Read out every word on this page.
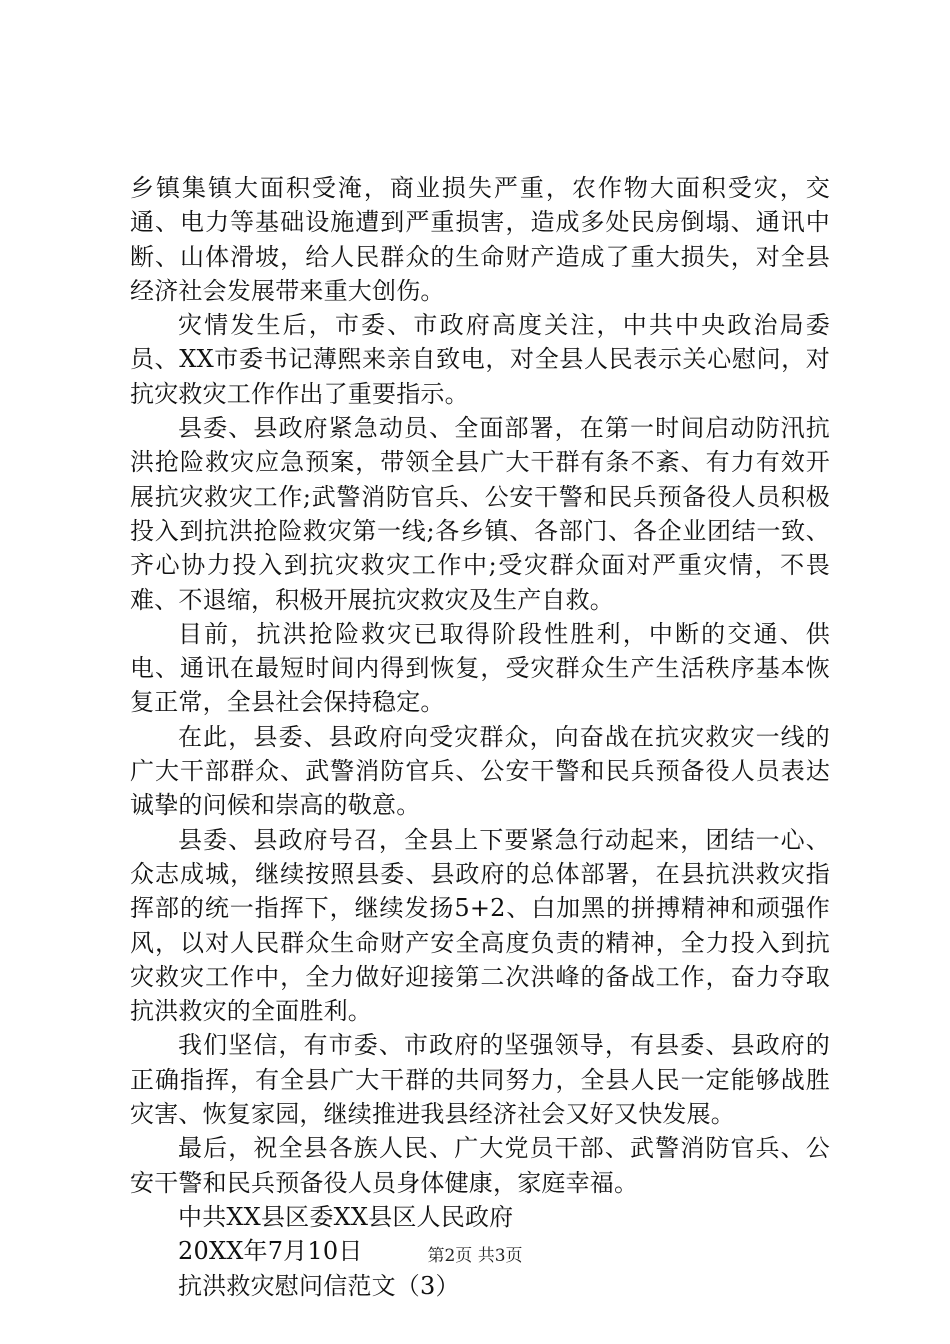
乡镇集镇大面积受淹，商业损失严重，农作物大面积受灾，交通、电力等基础设施遭到严重损害，造成多处民房倒塌、通讯中断、山体滑坡，给人民群众的生命财产造成了重大损失，对全县经济社会发展带来重大创伤。

灾情发生后，市委、市政府高度关注，中共中央政治局委员、XX市委书记薄熙来亲自致电，对全县人民表示关心慰问，对抗灾救灾工作作出了重要指示。

县委、县政府紧急动员、全面部署，在第一时间启动防汛抗洪抢险救灾应急预案，带领全县广大干群有条不紊、有力有效开展抗灾救灾工作;武警消防官兵、公安干警和民兵预备役人员积极投入到抗洪抢险救灾第一线;各乡镇、各部门、各企业团结一致、齐心协力投入到抗灾救灾工作中;受灾群众面对严重灾情，不畏难、不退缩，积极开展抗灾救灾及生产自救。

目前，抗洪抢险救灾已取得阶段性胜利，中断的交通、供电、通讯在最短时间内得到恢复，受灾群众生产生活秩序基本恢复正常，全县社会保持稳定。

在此，县委、县政府向受灾群众，向奋战在抗灾救灾一线的广大干部群众、武警消防官兵、公安干警和民兵预备役人员表达诚挚的问候和崇高的敬意。

县委、县政府号召，全县上下要紧急行动起来，团结一心、众志成城，继续按照县委、县政府的总体部署，在县抗洪救灾指挥部的统一指挥下，继续发扬5+2、白加黑的拼搏精神和顽强作风，以对人民群众生命财产安全高度负责的精神，全力投入到抗灾救灾工作中，全力做好迎接第二次洪峰的备战工作，奋力夺取抗洪救灾的全面胜利。

我们坚信，有市委、市政府的坚强领导，有县委、县政府的正确指挥，有全县广大干群的共同努力，全县人民一定能够战胜灾害、恢复家园，继续推进我县经济社会又好又快发展。

最后，祝全县各族人民、广大党员干部、武警消防官兵、公安干警和民兵预备役人员身体健康，家庭幸福。

中共XX县区委XX县区人民政府

20XX年7月10日

抗洪救灾慰问信范文（3）

第2页 共3页
